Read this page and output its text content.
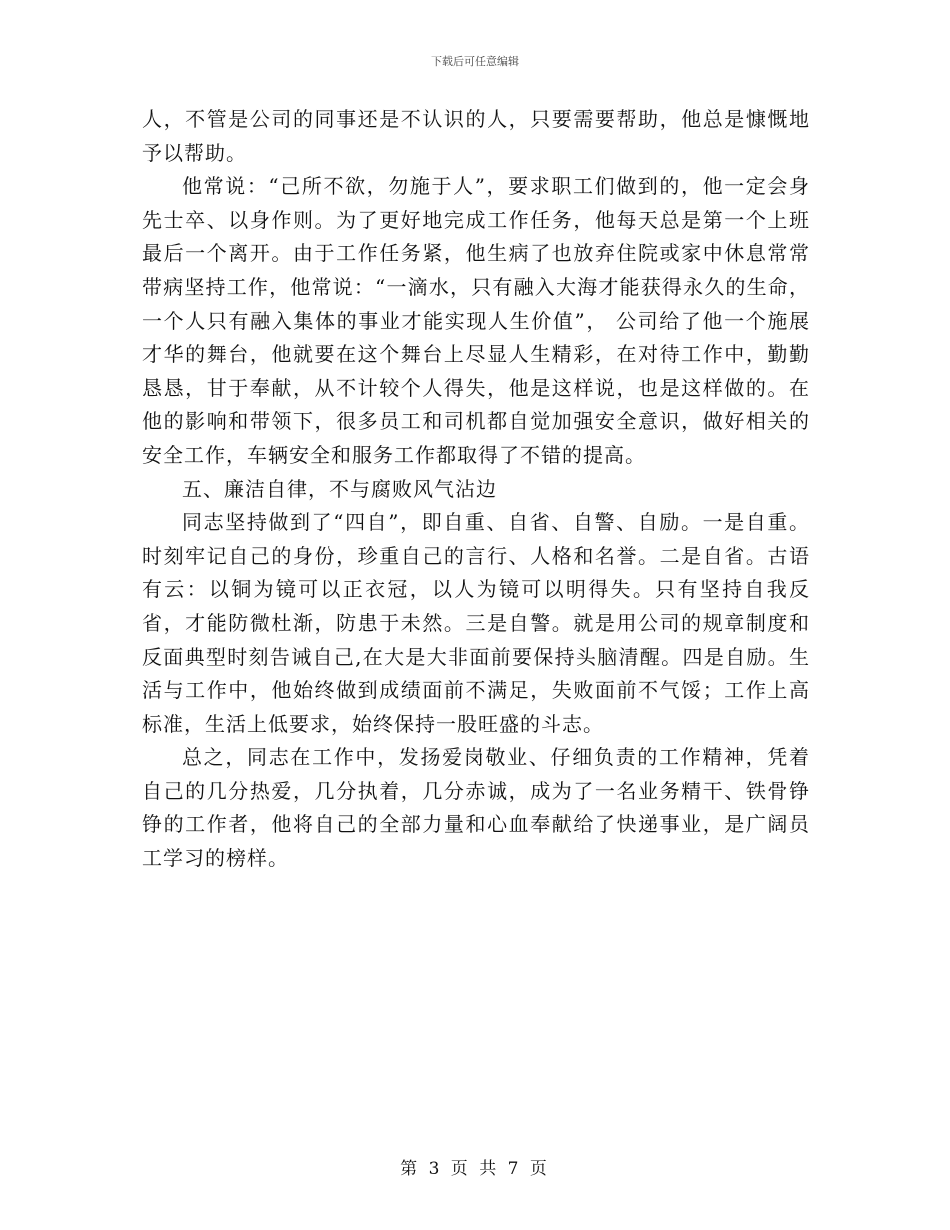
下载后可任意编辑

人，不管是公司的同事还是不认识的人，只要需要帮助，他总是慷慨地予以帮助。

他常说：“己所不欲，勿施于人”，要求职工们做到的，他一定会身先士卒、以身作则。为了更好地完成工作任务，他每天总是第一个上班最后一个离开。由于工作任务紧，他生病了也放弃住院或家中休息常常带病坚持工作，他常说：“一滴水，只有融入大海才能获得永久的生命，一个人只有融入集体的事业才能实现人生价值”， 公司给了他一个施展才华的舞台，他就要在这个舞台上尽显人生精彩，在对待工作中，勤勤恳恳，甘于奉献，从不计较个人得失，他是这样说，也是这样做的。在他的影响和带领下，很多员工和司机都自觉加强安全意识，做好相关的安全工作，车辆安全和服务工作都取得了不错的提高。

五、廉洁自律，不与腐败风气沾边

同志坚持做到了“四自”，即自重、自省、自警、自励。一是自重。时刻牢记自己的身份，珍重自己的言行、人格和名誉。二是自省。古语有云：以铜为镜可以正衣冠，以人为镜可以明得失。只有坚持自我反省，才能防微杜渐，防患于未然。三是自警。就是用公司的规章制度和反面典型时刻告诫自己,在大是大非面前要保持头脑清醒。四是自励。生活与工作中，他始终做到成绩面前不满足，失败面前不气馁；工作上高标准，生活上低要求，始终保持一股旺盛的斗志。

总之，同志在工作中，发扬爱岗敬业、仔细负责的工作精神，凭着自己的几分热爱，几分执着，几分赤诚，成为了一名业务精干、铁骨铮铮的工作者，他将自己的全部力量和心血奉献给了快递事业，是广阔员工学习的榜样。

第 3 页 共 7 页
